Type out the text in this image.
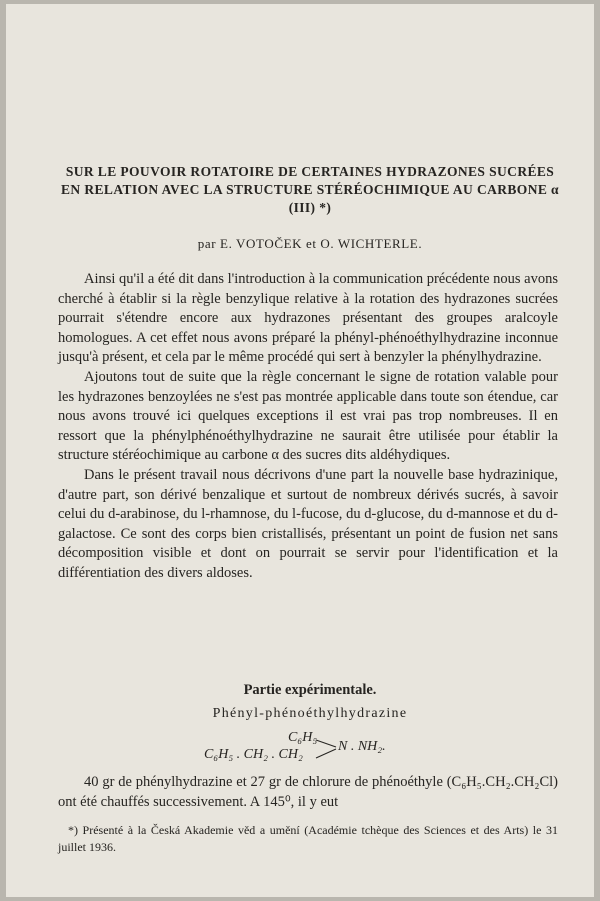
SUR LE POUVOIR ROTATOIRE DE CERTAINES HYDRAZONES SUCRÉES EN RELATION AVEC LA STRUCTURE STÉRÉOCHIMIQUE AU CARBONE α (III) *)

par E. VOTOČEK et O. WICHTERLE.

Ainsi qu'il a été dit dans l'introduction à la communication précédente nous avons cherché à établir si la règle benzylique relative à la rotation des hydrazones sucrées pourrait s'étendre encore aux hydrazones présentant des groupes aralcoyle homologues. A cet effet nous avons préparé la phényl-phénoéthylhydrazine inconnue jusqu'à présent, et cela par le même procédé qui sert à benzyler la phénylhydrazine.

Ajoutons tout de suite que la règle concernant le signe de rotation valable pour les hydrazones benzoylées ne s'est pas montrée applicable dans toute son étendue, car nous avons trouvé ici quelques exceptions il est vrai pas trop nombreuses. Il en ressort que la phénylphénoéthylhydrazine ne saurait être utilisée pour établir la structure stéréochimique au carbone α des sucres dits aldéhydiques.

Dans le présent travail nous décrivons d'une part la nouvelle base hydrazinique, d'autre part, son dérivé benzalique et surtout de nombreux dérivés sucrés, à savoir celui du d-arabinose, du l-rhamnose, du l-fucose, du d-glucose, du d-mannose et du d-galactose. Ce sont des corps bien cristallisés, présentant un point de fusion net sans décomposition visible et dont on pourrait se servir pour l'identification et la différentiation des divers aldoses.

Partie expérimentale.

Phényl-phénoéthylhydrazine

C₆H₅
C₆H₅ . CH₂ . CH₂
N . NH₂.

40 gr de phénylhydrazine et 27 gr de chlorure de phénoéthyle (C₆H₅.CH₂.CH₂Cl) ont été chauffés successivement. A 145⁰, il y eut

*) Présenté à la Česká Akademie věd a umění (Académie tchèque des Sciences et des Arts) le 31 juillet 1936.
